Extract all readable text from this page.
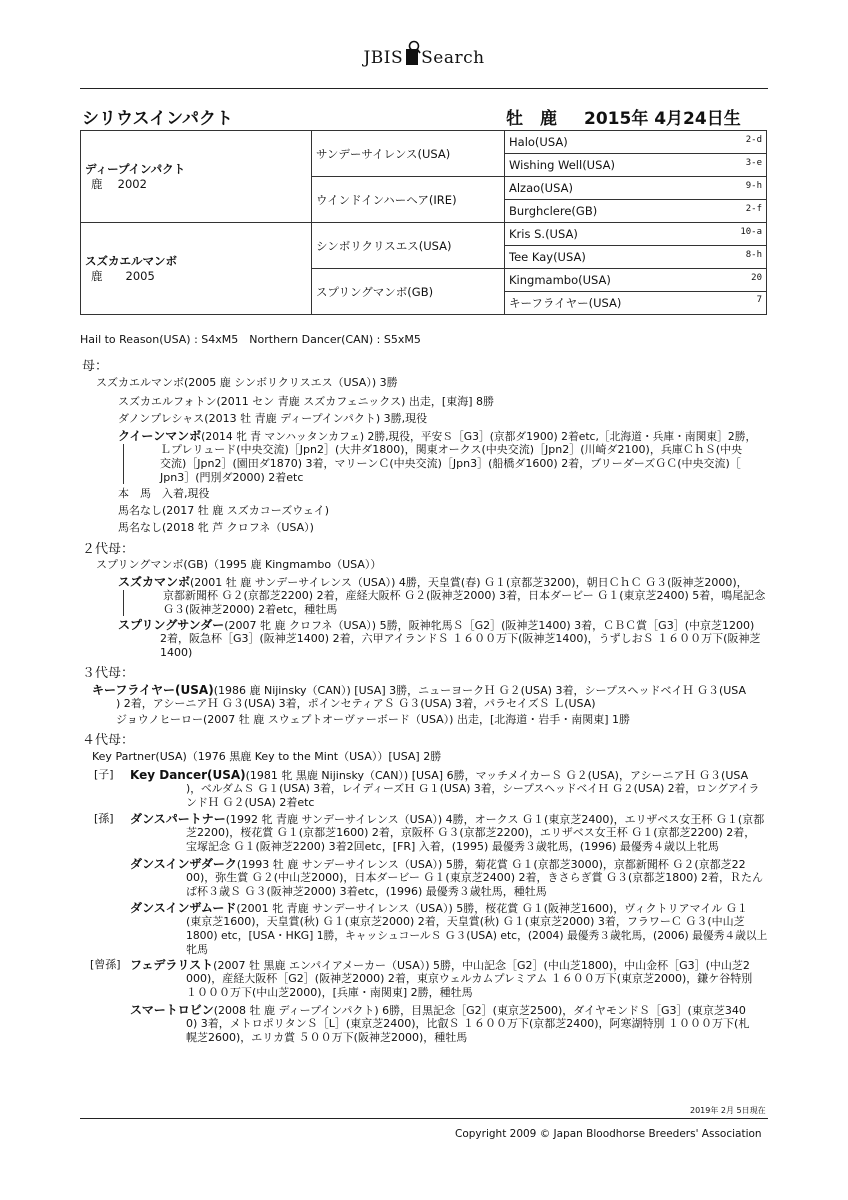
JBIS Search
シリウスインパクト	牡　鹿 2015年 4月24日生
ディープインパクト
鹿　 2002	サンデーサイレンス(USA)	Halo(USA) 2-d

		Wishing Well(USA) 3-e

	ウインドインハーヘア(IRE)	Alzao(USA) 9-h

		Burghclere(GB) 2-f

スズカエルマンボ
鹿　　2005	シンボリクリスエス(USA)	Kris S.(USA) 10-a

		Tee Kay(USA) 8-h

	スプリングマンボ(GB)	Kingmambo(USA) 20

		キーフライヤー(USA) 7
Hail to Reason(USA) : S4xM5　Northern Dancer(CAN) : S5xM5
母：
スズカエルマンボ(2005 鹿 シンボリクリスエス（USA）) 3勝
スズカエルフォトン(2011 セン 青鹿 スズカフェニックス) 出走，[東海] 8勝
ダノンプレシャス(2013 牡 青鹿 ディープインパクト) 3勝,現役
クイーンマンボ(2014 牝 青 マンハッタンカフェ) 2勝,現役，平安Ｓ［G3］(京都ダ1900) 2着etc,［北海道・兵庫・南関東］2勝，
Ｌプレリュード(中央交流)［Jpn2］(大井ダ1800)，関東オークス(中央交流)［Jpn2］(川崎ダ2100)，兵庫ＣｈＳ(中央
交流)［Jpn2］(園田ダ1870) 3着，マリーンＣ(中央交流)［Jpn3］(船橋ダ1600) 2着，ブリーダーズＧＣ(中央交流)［
Jpn3］(門別ダ2000) 2着etc
本　馬　入着,現役
馬名なし(2017 牡 鹿 スズカコーズウェイ)
馬名なし(2018 牝 芦 クロフネ（USA）)
２代母：
スプリングマンボ(GB)（1995 鹿 Kingmambo（USA））
スズカマンボ(2001 牡 鹿 サンデーサイレンス（USA）) 4勝，天皇賞(春) Ｇ１(京都芝3200)，朝日ＣｈＣ Ｇ３(阪神芝2000)，
京都新聞杯 Ｇ２(京都芝2200) 2着，産経大阪杯 Ｇ２(阪神芝2000) 3着，日本ダービー Ｇ１(東京芝2400) 5着，鳴尾記念
Ｇ３(阪神芝2000) 2着etc，種牡馬
スプリングサンダー(2007 牝 鹿 クロフネ（USA）) 5勝，阪神牝馬Ｓ［G2］(阪神芝1400) 3着，ＣＢＣ賞［G3］(中京芝1200)
2着，阪急杯［G3］(阪神芝1400) 2着，六甲アイランドＳ １６００万下(阪神芝1400)，うずしおＳ １６００万下(阪神芝
1400)
３代母：
キーフライヤー(USA)(1986 鹿 Nijinsky（CAN）) [USA] 3勝，ニューヨークＨ Ｇ２(USA) 3着，シープスヘッドベイＨ Ｇ３(USA
) 2着，アシーニアＨ Ｇ３(USA) 3着，ポインセティアＳ Ｇ３(USA) 3着，パラセイズＳ Ｌ(USA)
ジョウノヒーロー(2007 牡 鹿 スウェプトオーヴァーボード（USA）) 出走，[北海道・岩手・南関東] 1勝
４代母：
Key Partner(USA)（1976 黒鹿 Key to the Mint（USA））[USA] 2勝
[子] Key Dancer(USA)(1981 牝 黒鹿 Nijinsky（CAN）) [USA] 6勝，マッチメイカーＳ Ｇ２(USA)，アシーニアＨ Ｇ３(USA
)，ベルダムＳ Ｇ１(USA) 3着，レイディーズＨ Ｇ１(USA) 3着，シープスヘッドベイＨ Ｇ２(USA) 2着，ロングアイラ
ンドＨ Ｇ２(USA) 2着etc
[孫] ダンスパートナー(1992 牝 青鹿 サンデーサイレンス（USA）) 4勝，オークス Ｇ１(東京芝2400)，エリザベス女王杯 Ｇ１(京都
芝2200)，桜花賞 Ｇ１(京都芝1600) 2着，京阪杯 Ｇ３(京都芝2200)，エリザベス女王杯 Ｇ１(京都芝2200) 2着，
宝塚記念 Ｇ１(阪神芝2200) 3着2回etc，[FR] 入着，(1995) 最優秀３歳牝馬，(1996) 最優秀４歳以上牝馬
ダンスインザダーク(1993 牡 鹿 サンデーサイレンス（USA）) 5勝，菊花賞 Ｇ１(京都芝3000)，京都新聞杯 Ｇ２(京都芝22
00)，弥生賞 Ｇ２(中山芝2000)，日本ダービー Ｇ１(東京芝2400) 2着，きさらぎ賞 Ｇ３(京都芝1800) 2着，Ｒたん
ぱ杯３歳Ｓ Ｇ３(阪神芝2000) 3着etc，(1996) 最優秀３歳牡馬，種牡馬
ダンスインザムード(2001 牝 青鹿 サンデーサイレンス（USA）) 5勝，桜花賞 Ｇ１(阪神芝1600)，ヴィクトリアマイル Ｇ１
(東京芝1600)，天皇賞(秋) Ｇ１(東京芝2000) 2着，天皇賞(秋) Ｇ１(東京芝2000) 3着，フラワーＣ Ｇ３(中山芝
1800) etc，[USA・HKG] 1勝，キャッシュコールＳ Ｇ３(USA) etc，(2004) 最優秀３歳牝馬，(2006) 最優秀４歳以上
牝馬
[曾孫] フェデラリスト(2007 牡 黒鹿 エンパイアメーカー（USA）) 5勝，中山記念［G2］(中山芝1800)，中山金杯［G3］(中山芝2
000)，産経大阪杯［G2］(阪神芝2000) 2着，東京ウェルカムプレミアム １６００万下(東京芝2000)，鎌ケ谷特別
１０００万下(中山芝2000)，[兵庫・南関東] 2勝，種牡馬
スマートロビン(2008 牡 鹿 ディープインパクト) 6勝，目黒記念［G2］(東京芝2500)，ダイヤモンドＳ［G3］(東京芝340
0) 3着，メトロポリタンＳ［L］(東京芝2400)，比叡Ｓ １６００万下(京都芝2400)，阿寒湖特別 １０００万下(札
幌芝2600)，エリカ賞 ５００万下(阪神芝2000)，種牡馬
2019年 2月 5日現在
Copyright 2009 © Japan Bloodhorse Breeders' Association
